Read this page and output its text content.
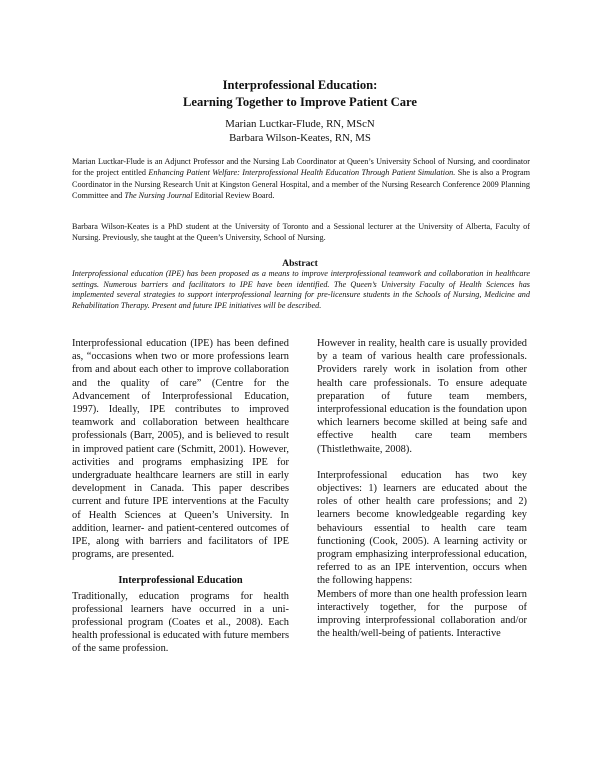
Interprofessional Education:
Learning Together to Improve Patient Care
Marian Luctkar-Flude, RN, MScN
Barbara Wilson-Keates, RN, MS
Marian Luctkar-Flude is an Adjunct Professor and the Nursing Lab Coordinator at Queen’s University School of Nursing, and coordinator for the project entitled Enhancing Patient Welfare: Interprofessional Health Education Through Patient Simulation. She is also a Program Coordinator in the Nursing Research Unit at Kingston General Hospital, and a member of the Nursing Research Conference 2009 Planning Committee and The Nursing Journal Editorial Review Board.
Barbara Wilson-Keates is a PhD student at the University of Toronto and a Sessional lecturer at the University of Alberta, Faculty of Nursing. Previously, she taught at the Queen’s University, School of Nursing.
Abstract
Interprofessional education (IPE) has been proposed as a means to improve interprofessional teamwork and collaboration in healthcare settings. Numerous barriers and facilitators to IPE have been identified. The Queen’s University Faculty of Health Sciences has implemented several strategies to support interprofessional learning for pre-licensure students in the Schools of Nursing, Medicine and Rehabilitation Therapy. Present and future IPE initiatives will be described.

Interprofessional education (IPE) has been defined as, “occasions when two or more professions learn from and about each other to improve collaboration and the quality of care” (Centre for the Advancement of Interprofessional Education, 1997). Ideally, IPE contributes to improved teamwork and collaboration between healthcare professionals (Barr, 2005), and is believed to result in improved patient care (Schmitt, 2001). However, activities and programs emphasizing IPE for undergraduate healthcare learners are still in early development in Canada. This paper describes current and future IPE interventions at the Faculty of Health Sciences at Queen’s University. In addition, learner- and patient-centered outcomes of IPE, along with barriers and facilitators of IPE programs, are presented.

Interprofessional Education

Traditionally, education programs for health professional learners have occurred in a uni-professional program (Coates et al., 2008). Each health professional is educated with future members of the same profession.

However in reality, health care is usually provided by a team of various health care professionals. Providers rarely work in isolation from other health care professionals. To ensure adequate preparation of future team members, interprofessional education is the foundation upon which learners become skilled at being safe and effective health care team members (Thistlethwaite, 2008).

Interprofessional education has two key objectives: 1) learners are educated about the roles of other health care professions; and 2) learners become knowledgeable regarding key behaviours essential to health care team functioning (Cook, 2005). A learning activity or program emphasizing interprofessional education, referred to as an IPE intervention, occurs when the following happens:

Members of more than one health profession learn interactively together, for the purpose of improving interprofessional collaboration and/or the health/well-being of patients. Interactive
